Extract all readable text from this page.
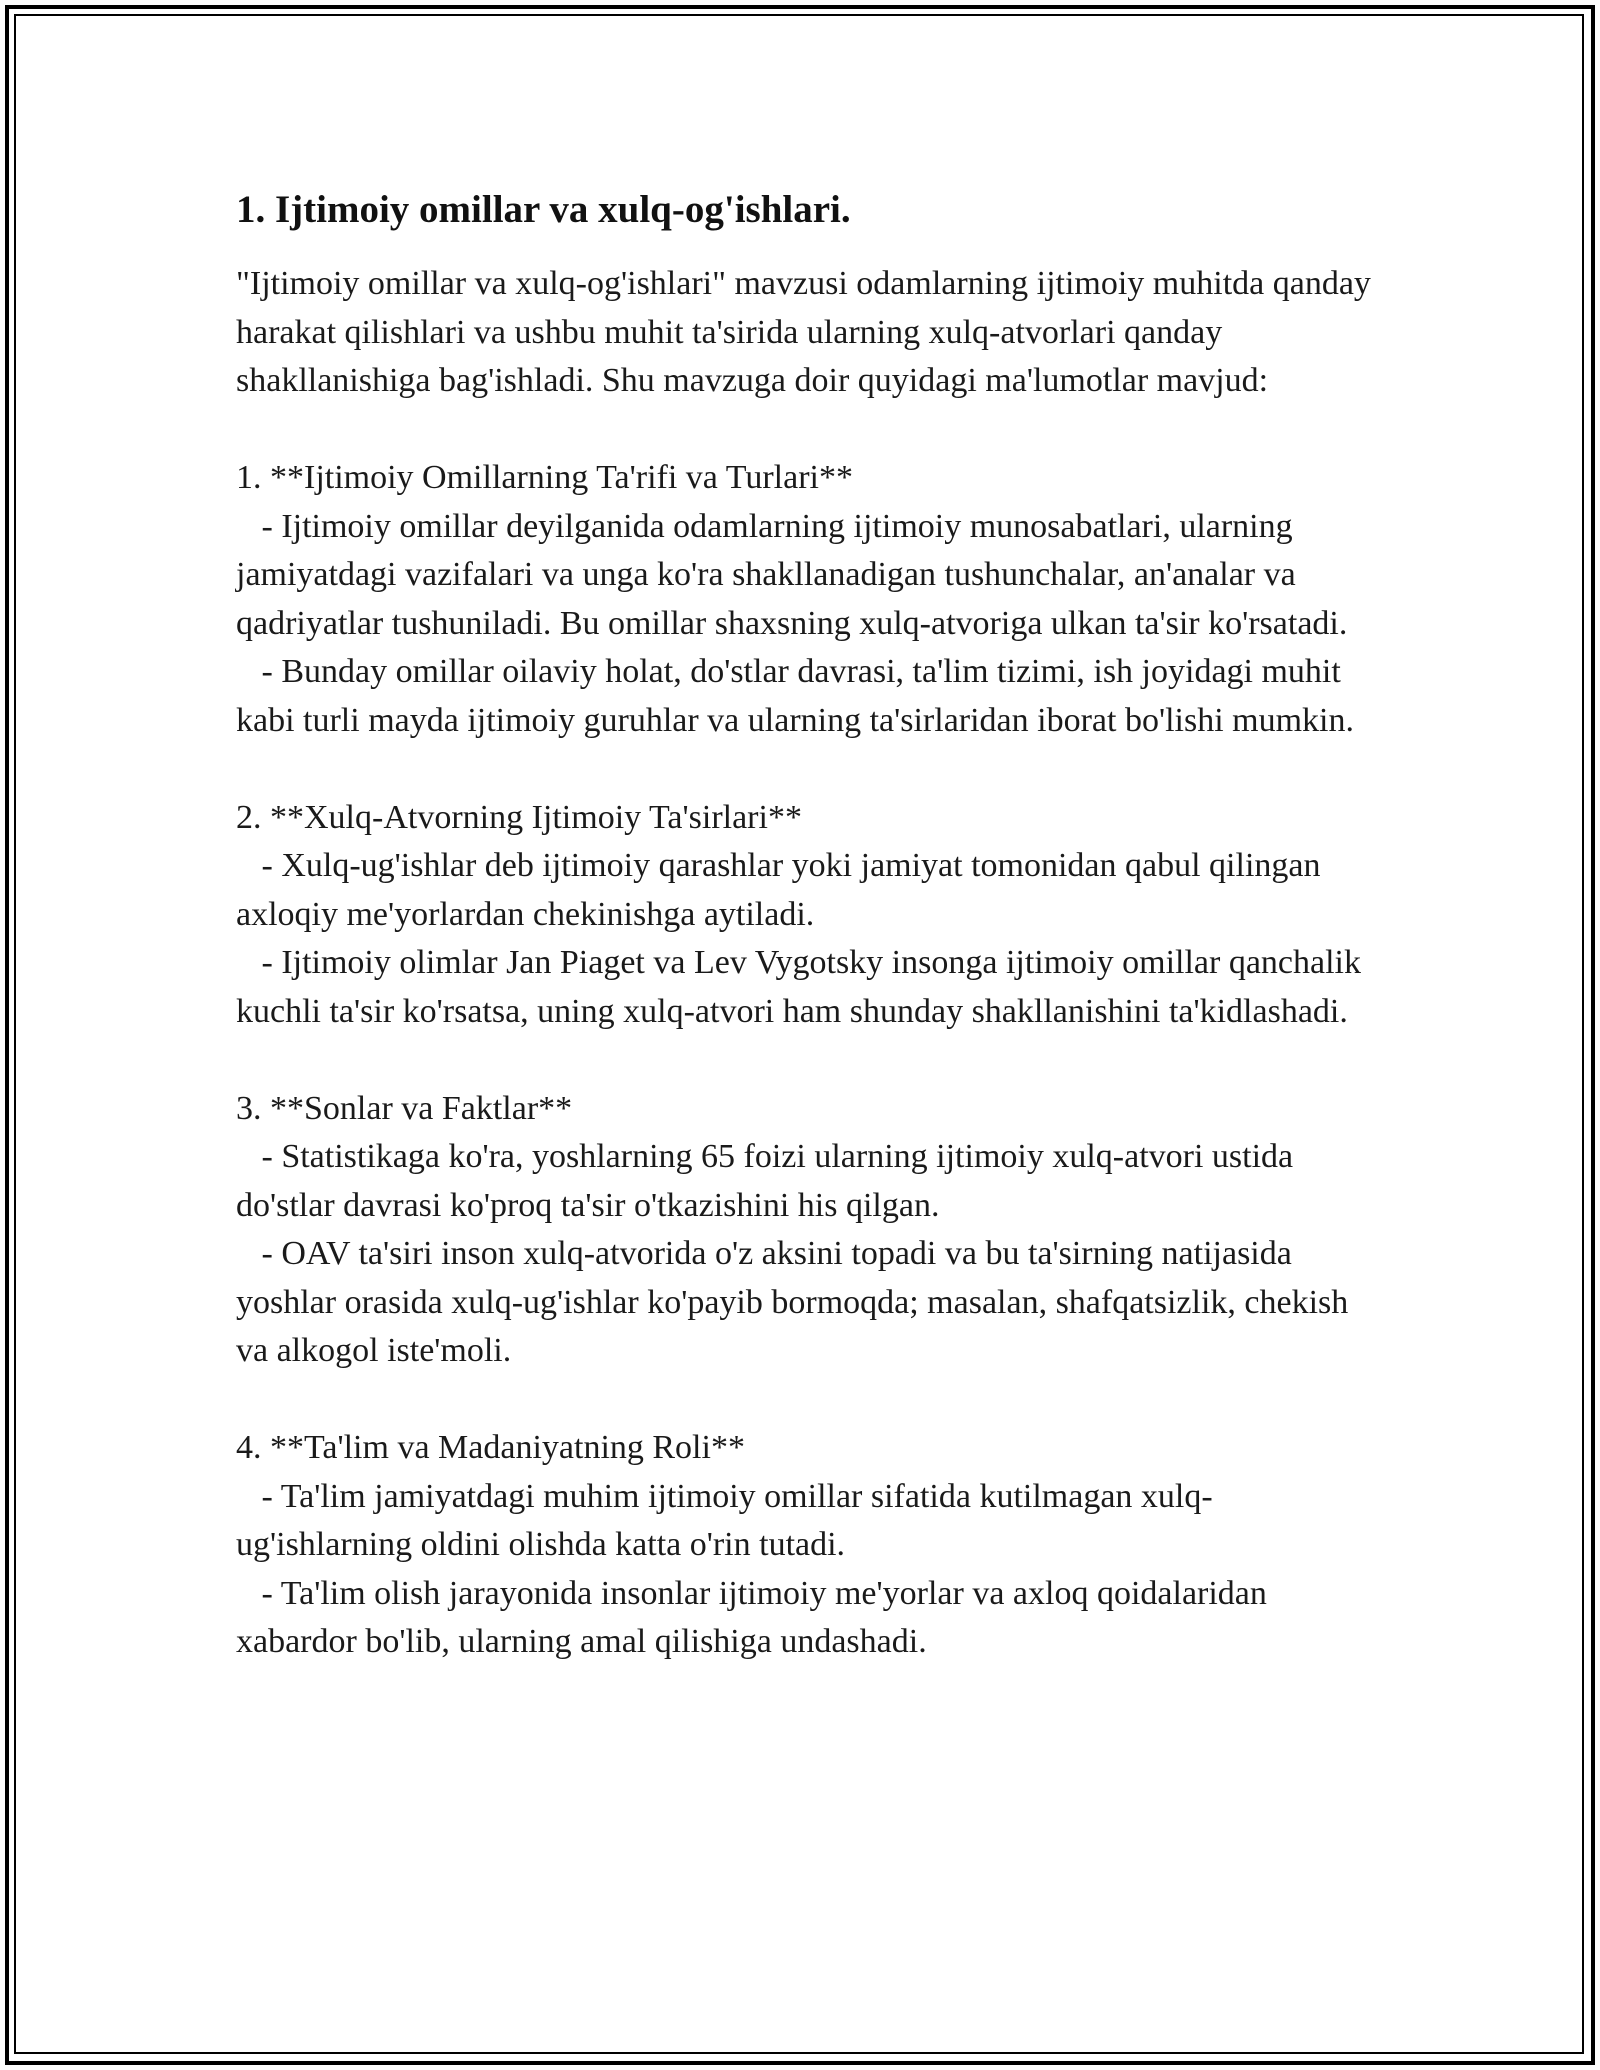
1. Ijtimoiy omillar va xulq-og'ishlari.

"Ijtimoiy omillar va xulq-og'ishlari" mavzusi odamlarning ijtimoiy muhitda qanday harakat qilishlari va ushbu muhit ta'sirida ularning xulq-atvorlari qanday shakllanishiga bag'ishladi. Shu mavzuga doir quyidagi ma'lumotlar mavjud:

1. **Ijtimoiy Omillarning Ta'rifi va Turlari**
- Ijtimoiy omillar deyilganida odamlarning ijtimoiy munosabatlari, ularning jamiyatdagi vazifalari va unga ko'ra shakllanadigan tushunchalar, an'analar va qadriyatlar tushuniladi. Bu omillar shaxsning xulq-atvoriga ulkan ta'sir ko'rsatadi.
- Bunday omillar oilaviy holat, do'stlar davrasi, ta'lim tizimi, ish joyidagi muhit kabi turli mayda ijtimoiy guruhlar va ularning ta'sirlaridan iborat bo'lishi mumkin.

2. **Xulq-Atvorning Ijtimoiy Ta'sirlari**
- Xulq-ug'ishlar deb ijtimoiy qarashlar yoki jamiyat tomonidan qabul qilingan axloqiy me'yorlardan chekinishga aytiladi.
- Ijtimoiy olimlar Jan Piaget va Lev Vygotsky insonga ijtimoiy omillar qanchalik kuchli ta'sir ko'rsatsa, uning xulq-atvori ham shunday shakllanishini ta'kidlashadi.

3. **Sonlar va Faktlar**
- Statistikaga ko'ra, yoshlarning 65 foizi ularning ijtimoiy xulq-atvori ustida do'stlar davrasi ko'proq ta'sir o'tkazishini his qilgan.
- OAV ta'siri inson xulq-atvorida o'z aksini topadi va bu ta'sirning natijasida yoshlar orasida xulq-ug'ishlar ko'payib bormoqda; masalan, shafqatsizlik, chekish va alkogol iste'moli.

4. **Ta'lim va Madaniyatning Roli**
- Ta'lim jamiyatdagi muhim ijtimoiy omillar sifatida kutilmagan xulq-ug'ishlarning oldini olishda katta o'rin tutadi.
- Ta'lim olish jarayonida insonlar ijtimoiy me'yorlar va axloq qoidalaridan xabardor bo'lib, ularning amal qilishiga undashadi.
